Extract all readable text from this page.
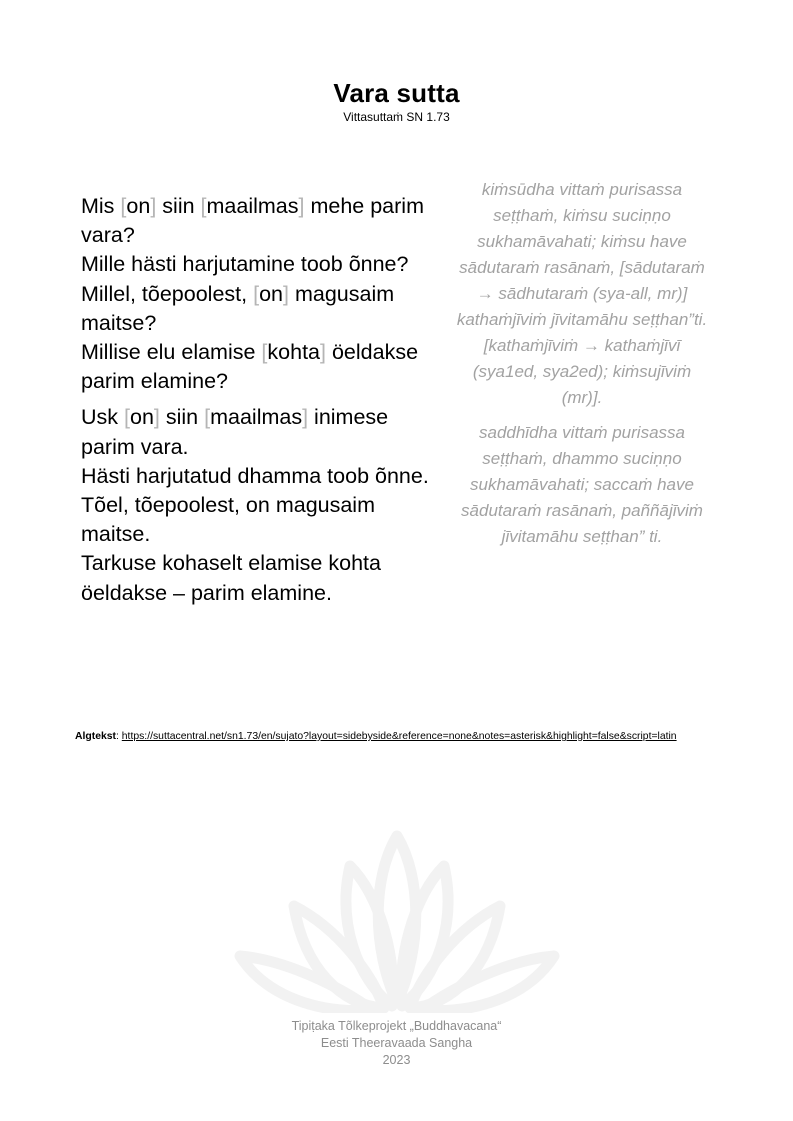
Vara sutta

Vittasuttaṁ SN 1.73

Mis [on] siin [maailmas] mehe parim vara?
Mille hästi harjutamine toob õnne?
Millel, tõepoolest, [on] magusaim maitse?
Millise elu elamise [kohta] öeldakse parim elamine?
Usk [on] siin [maailmas] inimese parim vara.
Hästi harjutatud dhamma toob õnne.
Tõel, tõepoolest, on magusaim maitse.
Tarkuse kohaselt elamise kohta öeldakse – parim elamine.

kiṁsūdha vittaṁ purisassa seṭṭhaṁ, kiṁsu suciṇṇo sukhamāvahati; kiṁsu have sādutaraṁ rasānaṁ, [sādutaraṁ → sādhutaraṁ (sya-all, mr)] kathaṁjīviṁ jīvitamāhu seṭṭhan”ti. [kathaṁjīviṁ → kathaṁjīvī (sya1ed, sya2ed); kiṁsujīviṁ (mr)].

saddhīdha vittaṁ purisassa seṭṭhaṁ, dhammo suciṇṇo sukhamāvahati; saccaṁ have sādutaraṁ rasānaṁ, paññājīviṁ jīvitamāhu seṭṭhan” ti.

Algtekst: https://suttacentral.net/sn1.73/en/sujato?layout=sidebyside&reference=none&notes=asterisk&highlight=false&script=latin
Tipiṭaka Tõlkeprojekt „Buddhavacana“
Eesti Theeravaada Sangha
2023
